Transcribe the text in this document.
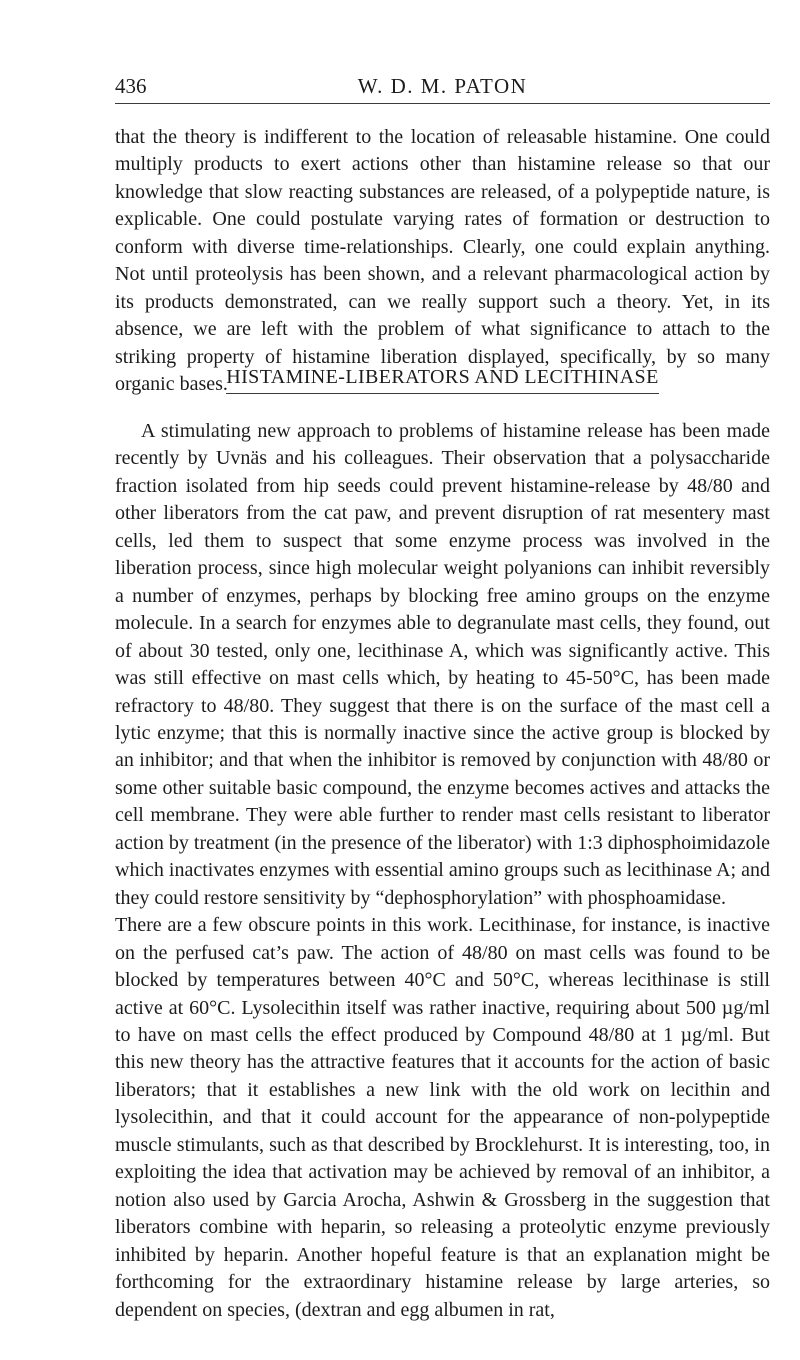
436	W. D. M. PATON

that the theory is indifferent to the location of releasable histamine. One could multiply products to exert actions other than histamine release so that our knowledge that slow reacting substances are released, of a polypeptide nature, is explicable. One could postulate varying rates of formation or destruction to conform with diverse time-relationships. Clearly, one could explain anything. Not until proteolysis has been shown, and a relevant pharmacological action by its products demonstrated, can we really support such a theory. Yet, in its absence, we are left with the problem of what significance to attach to the striking property of histamine liberation displayed, specifically, by so many organic bases.

HISTAMINE-LIBERATORS AND LECITHINASE

A stimulating new approach to problems of histamine release has been made recently by Uvnäs and his colleagues. Their observation that a polysaccharide fraction isolated from hip seeds could prevent histamine-release by 48/80 and other liberators from the cat paw, and prevent disruption of rat mesentery mast cells, led them to suspect that some enzyme process was involved in the liberation process, since high molecular weight polyanions can inhibit reversibly a number of enzymes, perhaps by blocking free amino groups on the enzyme molecule. In a search for enzymes able to degranulate mast cells, they found, out of about 30 tested, only one, lecithinase A, which was significantly active. This was still effective on mast cells which, by heating to 45-50°C, has been made refractory to 48/80. They suggest that there is on the surface of the mast cell a lytic enzyme; that this is normally inactive since the active group is blocked by an inhibitor; and that when the inhibitor is removed by conjunction with 48/80 or some other suitable basic compound, the enzyme becomes actives and attacks the cell membrane. They were able further to render mast cells resistant to liberator action by treatment (in the presence of the liberator) with 1:3 diphosphoimidazole which inactivates enzymes with essential amino groups such as lecithinase A; and they could restore sensitivity by “dephosphorylation” with phosphoamidase.

There are a few obscure points in this work. Lecithinase, for instance, is inactive on the perfused cat’s paw. The action of 48/80 on mast cells was found to be blocked by temperatures between 40°C and 50°C, whereas lecithinase is still active at 60°C. Lysolecithin itself was rather inactive, requiring about 500 µg/ml to have on mast cells the effect produced by Compound 48/80 at 1 µg/ml. But this new theory has the attractive features that it accounts for the action of basic liberators; that it establishes a new link with the old work on lecithin and lysolecithin, and that it could account for the appearance of non-polypeptide muscle stimulants, such as that described by Brocklehurst. It is interesting, too, in exploiting the idea that activation may be achieved by removal of an inhibitor, a notion also used by Garcia Arocha, Ashwin & Grossberg in the suggestion that liberators combine with heparin, so releasing a proteolytic enzyme previously inhibited by heparin. Another hopeful feature is that an explanation might be forthcoming for the extraordinary histamine release by large arteries, so dependent on species, (dextran and egg albumen in rat,
